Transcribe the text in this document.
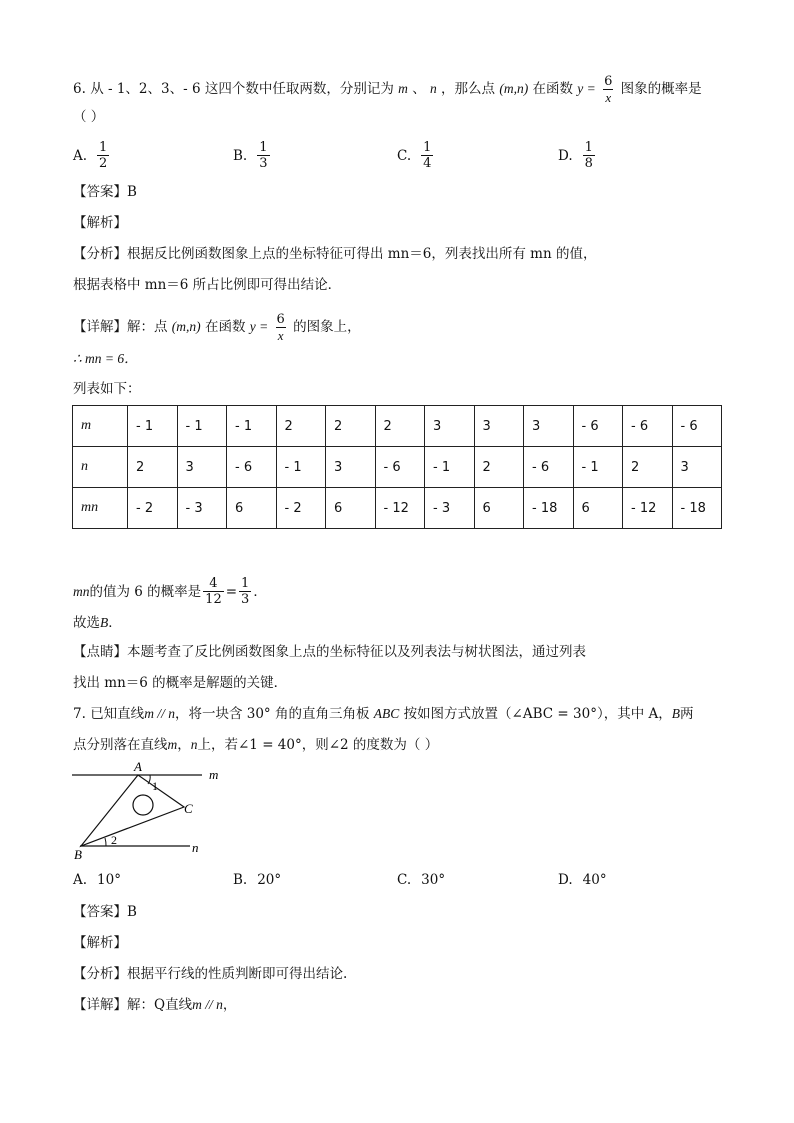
6. 从 - 1、2、3、- 6 这四个数中任取两数，分别记为 m 、 n ，那么点 (m,n) 在函数 $y = \frac{6}{x}$ 图象的概率是
（ ）
A. $\frac{1}{2}$	B. $\frac{1}{3}$	C. $\frac{1}{4}$	D. $\frac{1}{8}$
【答案】B
【解析】
【分析】根据反比例函数图象上点的坐标特征可得出 mn＝6，列表找出所有 mn 的值，
根据表格中 mn＝6 所占比例即可得出结论．
【详解】解：点 (m,n) 在函数 $y = \frac{6}{x}$ 的图象上，
∴ mn = 6．
列表如下：
m	- 1	- 1	- 1	2	2	2	3	3	3	- 6	- 6	- 6
n	2	3	- 6	- 1	3	- 6	- 1	2	- 6	- 1	2	3
mn	- 2	- 3	6	- 2	6	- 12	- 3	6	- 18	6	- 12	- 18
mn 的值为 6 的概率是 $\frac{4}{12} = \frac{1}{3}$ ．
故选B．
【点睛】本题考查了反比例函数图象上点的坐标特征以及列表法与树状图法，通过列表
找出 mn＝6 的概率是解题的关键．
7. 已知直线m // n，将一块含 30° 角的直角三角板 ABC 按如图方式放置（∠ABC = 30°），其中 A，B两
点分别落在直线m，n上，若∠1 = 40°，则∠2 的度数为（ ）
A
B
C
m
n
1
2
A. 10°	B. 20°	C. 30°	D. 40°
【答案】B
【解析】
【分析】根据平行线的性质判断即可得出结论.
【详解】解：Q直线m // n，
